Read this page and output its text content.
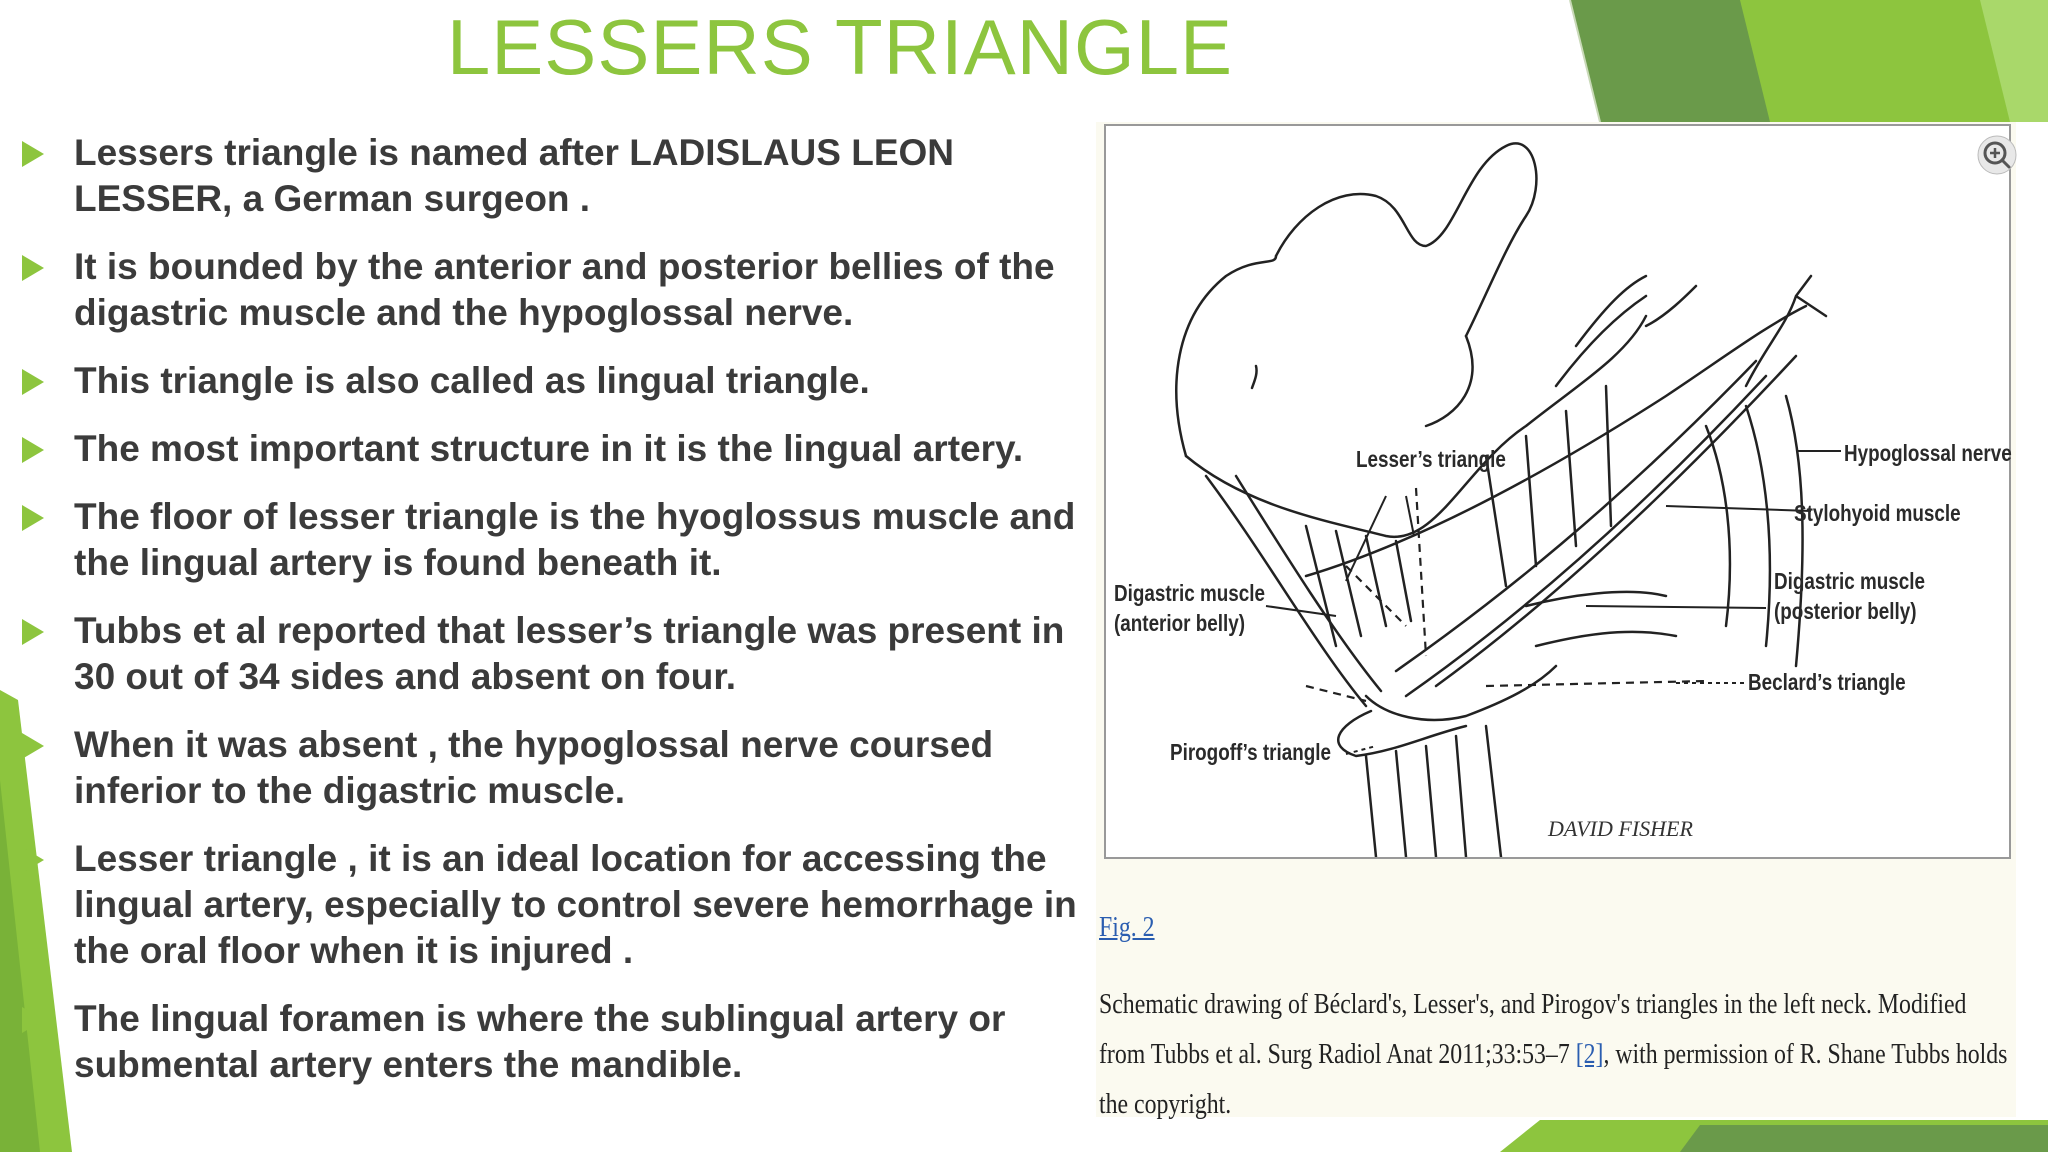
LESSERS TRIANGLE
Lessers triangle is named after LADISLAUS LEON LESSER, a German surgeon .
It is bounded by the anterior and posterior bellies of the digastric muscle and the hypoglossal nerve.
This triangle is also called as lingual triangle.
The most important structure in it is the lingual artery.
The floor of lesser triangle is the hyoglossus muscle and the lingual artery is found beneath it.
Tubbs et al reported that lesser’s triangle was present in 30 out of 34 sides and absent on four.
When it was absent , the hypoglossal nerve coursed inferior to the digastric muscle.
Lesser triangle , it is an ideal location for accessing the lingual artery, especially to control severe hemorrhage in the oral floor when it is injured .
The lingual foramen is where the sublingual artery or submental artery enters the mandible.
Lesser’s triangle	Hypoglossal nerve
Stylohyoid muscle
Digastric muscle
(posterior belly)
Digastric muscle
(anterior belly)
Beclard’s triangle
Pirogoff’s triangle
DAVID FISHER
Fig. 2
Schematic drawing of Béclard's, Lesser's, and Pirogov's triangles in the left neck. Modified from Tubbs et al. Surg Radiol Anat 2011;33:53–7 [2], with permission of R. Shane Tubbs holds the copyright.
